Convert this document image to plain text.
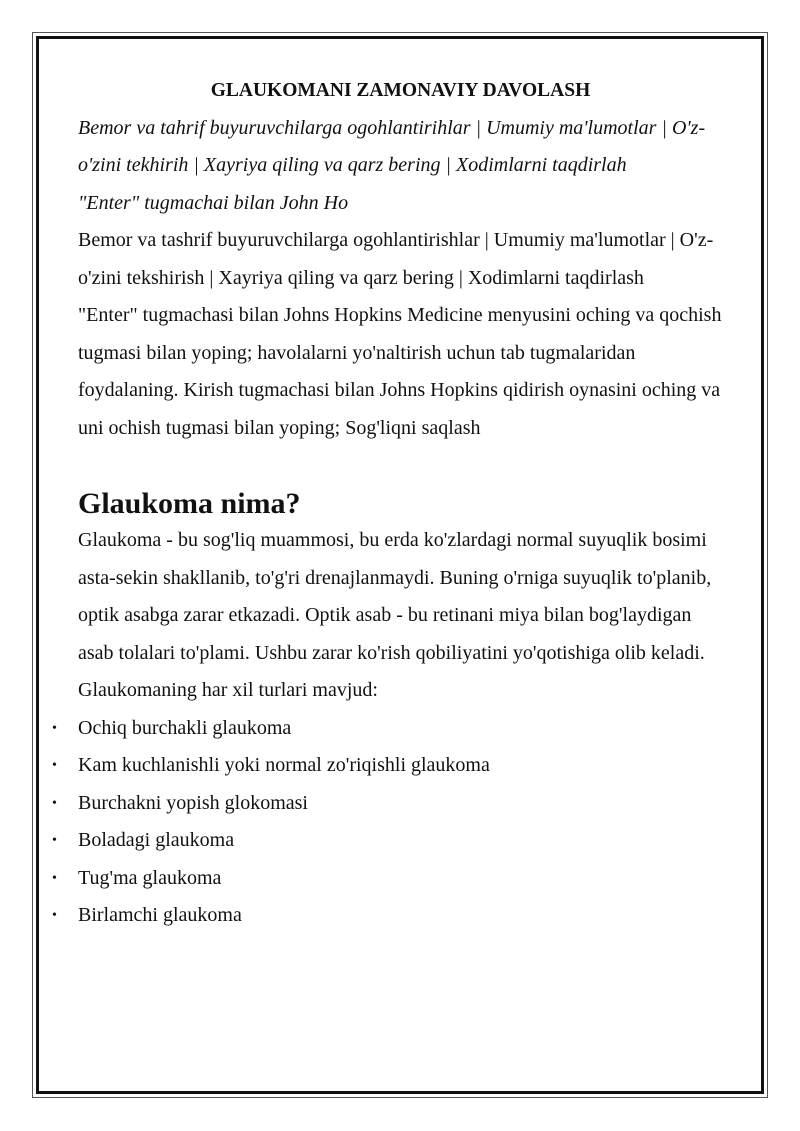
GLAUKOMANI ZAMONAVIY DAVOLASH

Bemor va tahrif buyuruvchilarga ogohlantirihlar | Umumiy ma'lumotlar | O'z-o'zini tekhirih | Xayriya qiling va qarz bering | Xodimlarni taqdirlah

"Enter" tugmachai bilan John Ho

Bemor va tashrif buyuruvchilarga ogohlantirishlar | Umumiy ma'lumotlar | O'z-o'zini tekshirish | Xayriya qiling va qarz bering | Xodimlarni taqdirlash

"Enter" tugmachasi bilan Johns Hopkins Medicine menyusini oching va qochish tugmasi bilan yoping; havolalarni yo'naltirish uchun tab tugmalaridan foydalaning. Kirish tugmachasi bilan Johns Hopkins qidirish oynasini oching va uni ochish tugmasi bilan yoping; Sog'liqni saqlash

Glaukoma nima?

Glaukoma - bu sog'liq muammosi, bu erda ko'zlardagi normal suyuqlik bosimi asta-sekin shakllanib, to'g'ri drenajlanmaydi. Buning o'rniga suyuqlik to'planib, optik asabga zarar etkazadi. Optik asab - bu retinani miya bilan bog'laydigan asab tolalari to'plami. Ushbu zarar ko'rish qobiliyatini yo'qotishiga olib keladi.

Glaukomaning har xil turlari mavjud:

• Ochiq burchakli glaukoma
• Kam kuchlanishli yoki normal zo'riqishli glaukoma
• Burchakni yopish glokomasi
• Boladagi glaukoma
• Tug'ma glaukoma
• Birlamchi glaukoma
